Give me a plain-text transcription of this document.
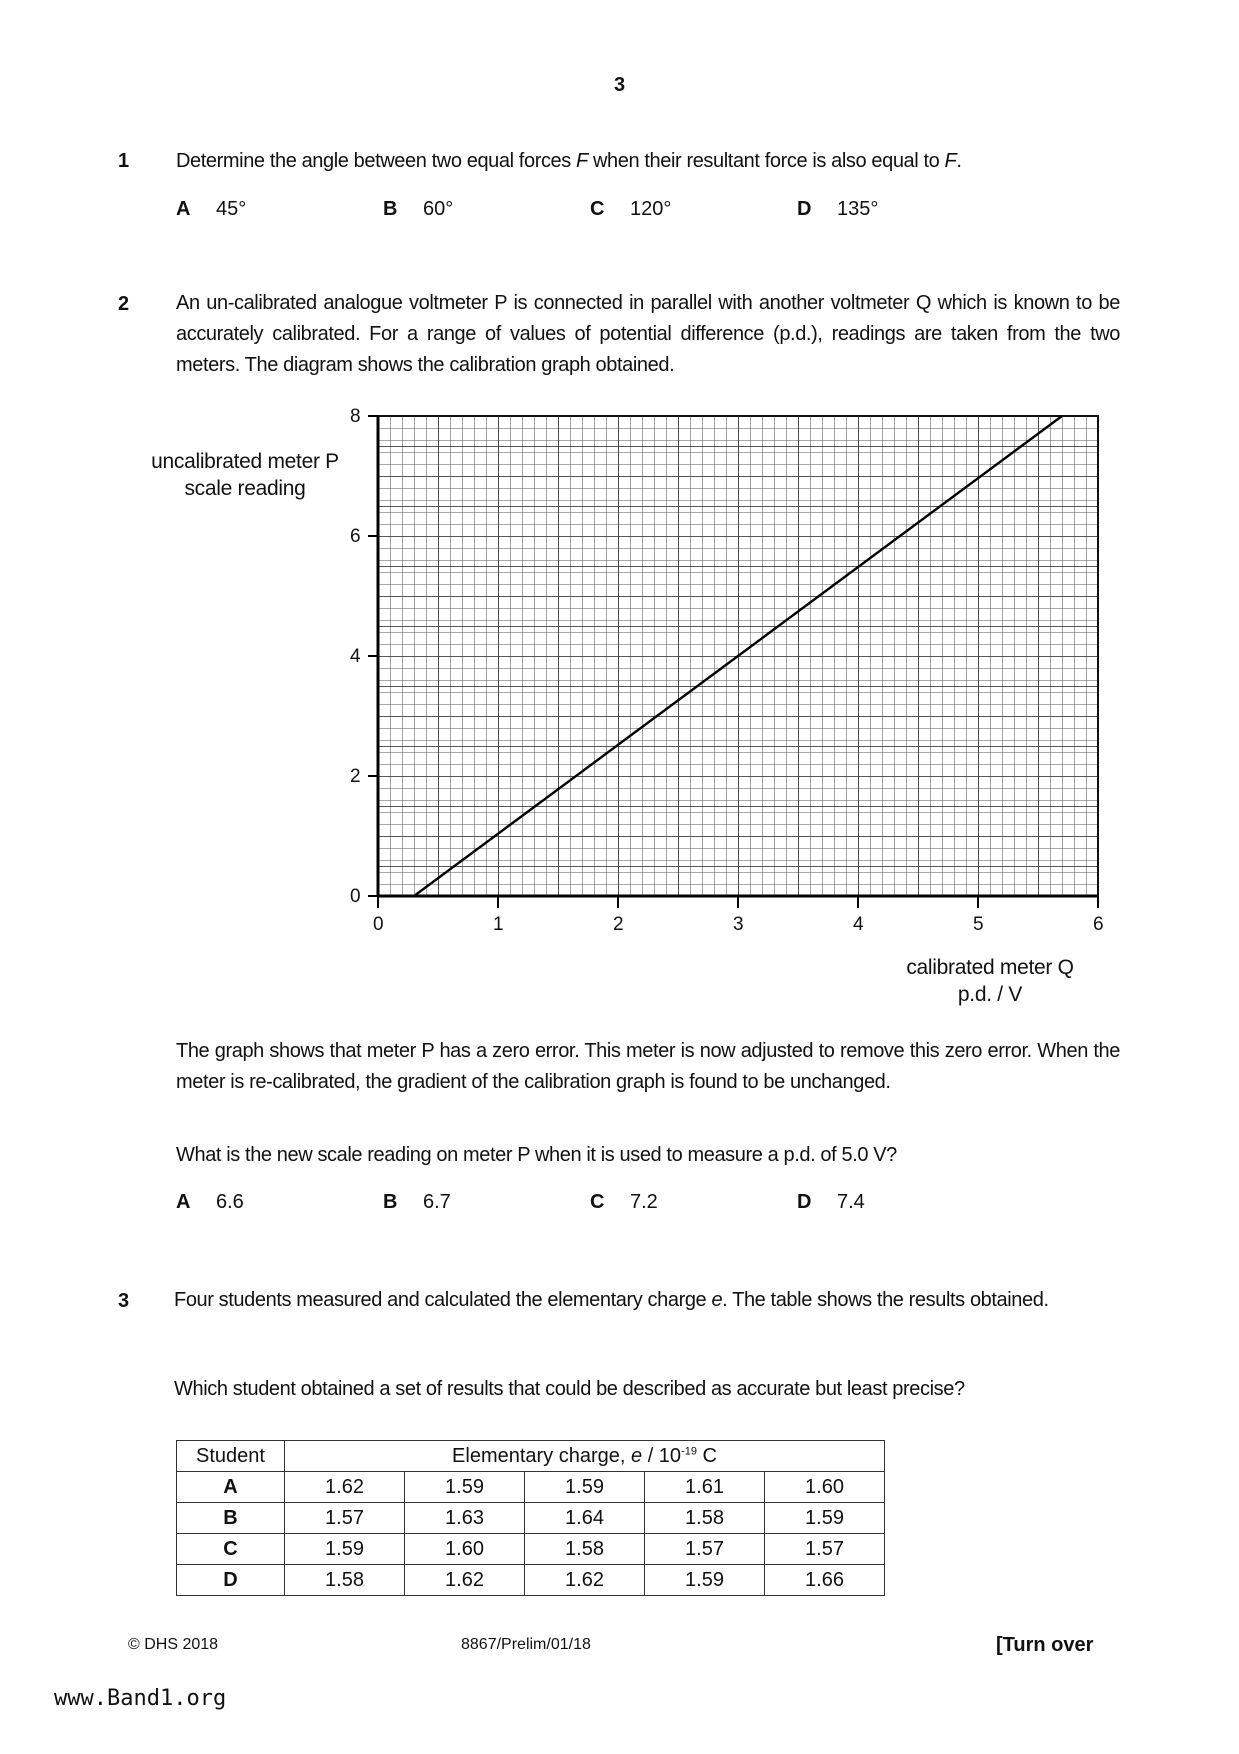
3
1 Determine the angle between two equal forces F when their resultant force is also equal to F.
A	45°	B	60°	C	120°	D	135°
2 An un-calibrated analogue voltmeter P is connected in parallel with another voltmeter Q which is known to be accurately calibrated. For a range of values of potential difference (p.d.), readings are taken from the two meters. The diagram shows the calibration graph obtained.
uncalibrated meter P
scale reading
calibrated meter Q
p.d. / V
8
6
4
2
0
0	1	2	3	4	5	6
The graph shows that meter P has a zero error. This meter is now adjusted to remove this zero error. When the meter is re-calibrated, the gradient of the calibration graph is found to be unchanged.
What is the new scale reading on meter P when it is used to measure a p.d. of 5.0 V?
A	6.6	B	6.7	C	7.2	D	7.4
3 Four students measured and calculated the elementary charge e. The table shows the results obtained.
Which student obtained a set of results that could be described as accurate but least precise?
Student	Elementary charge, e / $10^{-19}$ C				
A	1.62	1.59	1.59	1.61	1.60
B	1.57	1.63	1.64	1.58	1.59
C	1.59	1.60	1.58	1.57	1.57
D	1.58	1.62	1.62	1.59	1.66
© DHS 2018	8867/Prelim/01/18	[Turn over
www.Band1.org
